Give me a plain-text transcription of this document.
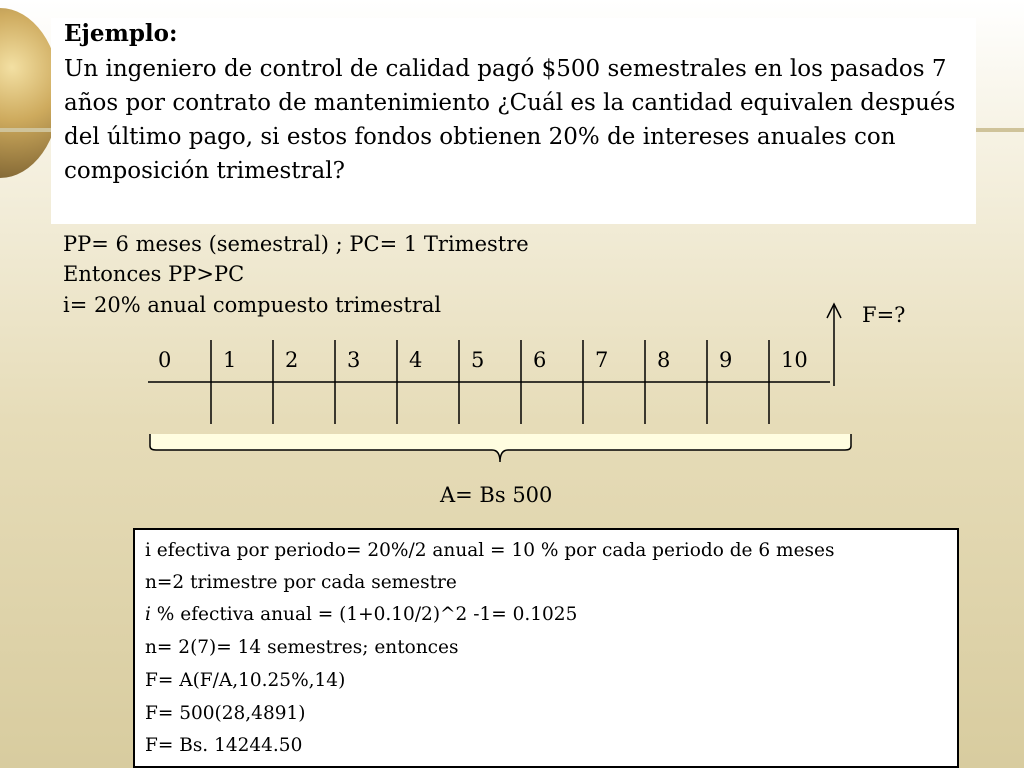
Ejemplo:
Un ingeniero de control de calidad pagó $500 semestrales en los pasados 7 años por contrato de mantenimiento ¿Cuál es la cantidad equivalen después del último pago, si estos fondos obtienen 20% de intereses anuales con composición trimestral?
PP= 6 meses (semestral) ; PC= 1 Trimestre
Entonces PP>PC
i= 20% anual compuesto trimestral
0 1 2 3 4 5 6 7 8 9 10
F=?
A= Bs 500
i efectiva por periodo= 20%/2 anual = 10 % por cada periodo de 6 meses
n=2 trimestre por cada semestre
i % efectiva anual = (1+0.10/2)^2 -1= 0.1025
n= 2(7)= 14 semestres; entonces
F= A(F/A,10.25%,14)
F= 500(28,4891)
F= Bs. 14244.50
